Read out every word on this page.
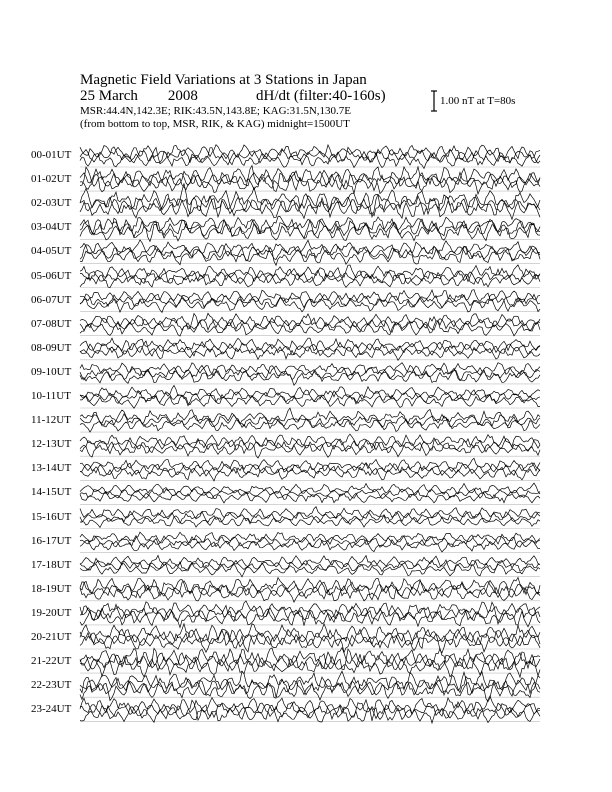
Magnetic Field Variations at 3 Stations in Japan
25 March 2008	dH/dt (filter:40-160s)
MSR:44.4N,142.3E; RIK:43.5N,143.8E; KAG:31.5N,130.7E
(from bottom to top, MSR, RIK, & KAG) midnight=1500UT
1.00 nT at T=80s
00-01UT
01-02UT
02-03UT
03-04UT
04-05UT
05-06UT
06-07UT
07-08UT
08-09UT
09-10UT
10-11UT
11-12UT
12-13UT
13-14UT
14-15UT
15-16UT
16-17UT
17-18UT
18-19UT
19-20UT
20-21UT
21-22UT
22-23UT
23-24UT
